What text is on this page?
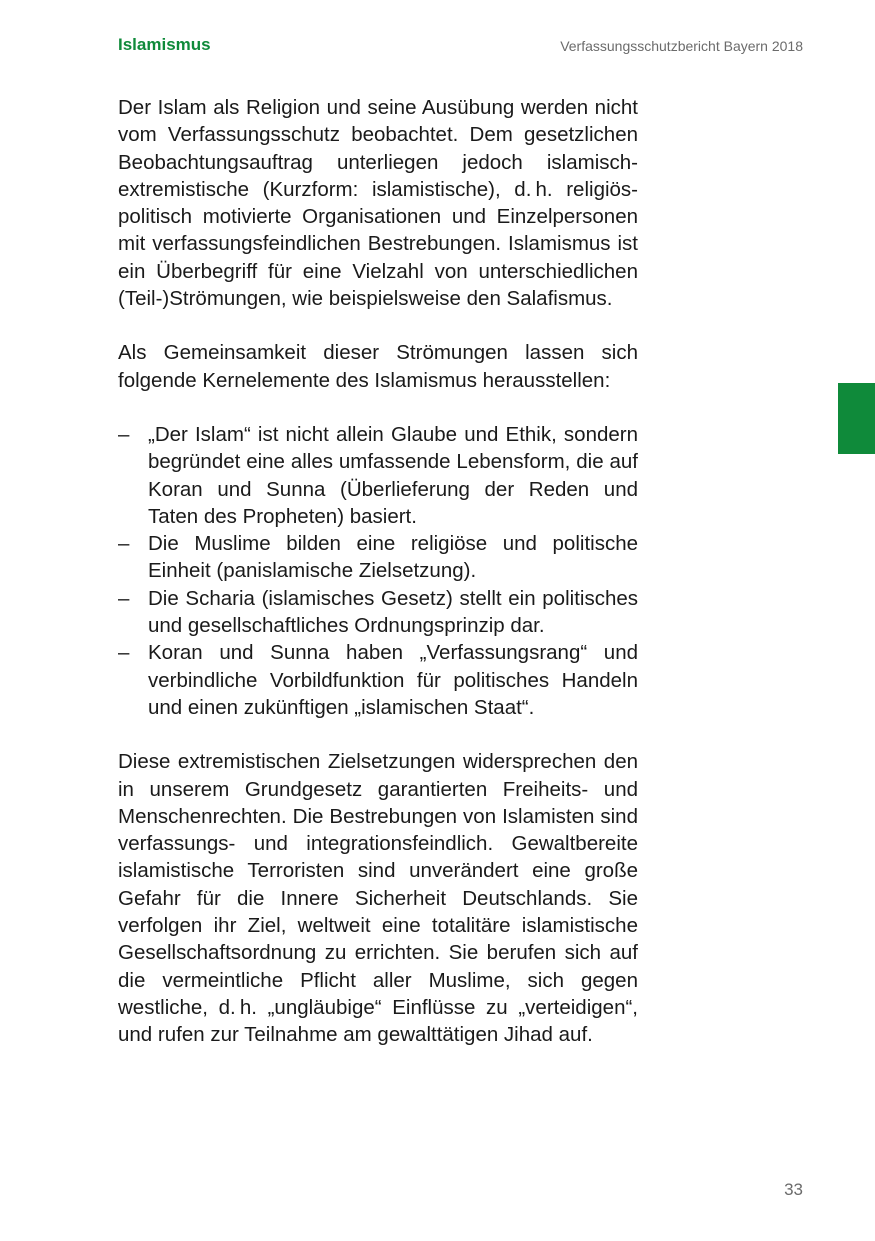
Islamismus	Verfassungsschutzbericht Bayern 2018

Der Islam als Religion und seine Ausübung werden nicht vom Verfassungsschutz beobachtet. Dem gesetzlichen Beobachtungsauftrag unterliegen jedoch islamisch-extremistische (Kurzform: islamistische), d. h. religiös-politisch motivierte Organisationen und Einzelpersonen mit verfassungsfeindlichen Bestrebungen. Islamismus ist ein Überbegriff für eine Vielzahl von unterschiedlichen (Teil-)Strömungen, wie beispielsweise den Salafismus.

Als Gemeinsamkeit dieser Strömungen lassen sich folgende Kernelemente des Islamismus herausstellen:

– „Der Islam“ ist nicht allein Glaube und Ethik, sondern begründet eine alles umfassende Lebensform, die auf Koran und Sunna (Überlieferung der Reden und Taten des Propheten) basiert.
– Die Muslime bilden eine religiöse und politische Einheit (panislamische Zielsetzung).
– Die Scharia (islamisches Gesetz) stellt ein politisches und gesellschaftliches Ordnungsprinzip dar.
– Koran und Sunna haben „Verfassungsrang“ und verbindliche Vorbildfunktion für politisches Handeln und einen zukünftigen „islamischen Staat“.

Diese extremistischen Zielsetzungen widersprechen den in unserem Grundgesetz garantierten Freiheits- und Menschenrechten. Die Bestrebungen von Islamisten sind verfassungs- und integrationsfeindlich. Gewaltbereite islamistische Terroristen sind unverändert eine große Gefahr für die Innere Sicherheit Deutschlands. Sie verfolgen ihr Ziel, weltweit eine totalitäre islamistische Gesellschaftsordnung zu errichten. Sie berufen sich auf die vermeintliche Pflicht aller Muslime, sich gegen westliche, d. h. „ungläubige“ Einflüsse zu „verteidigen“, und rufen zur Teilnahme am gewalttätigen Jihad auf.

33
